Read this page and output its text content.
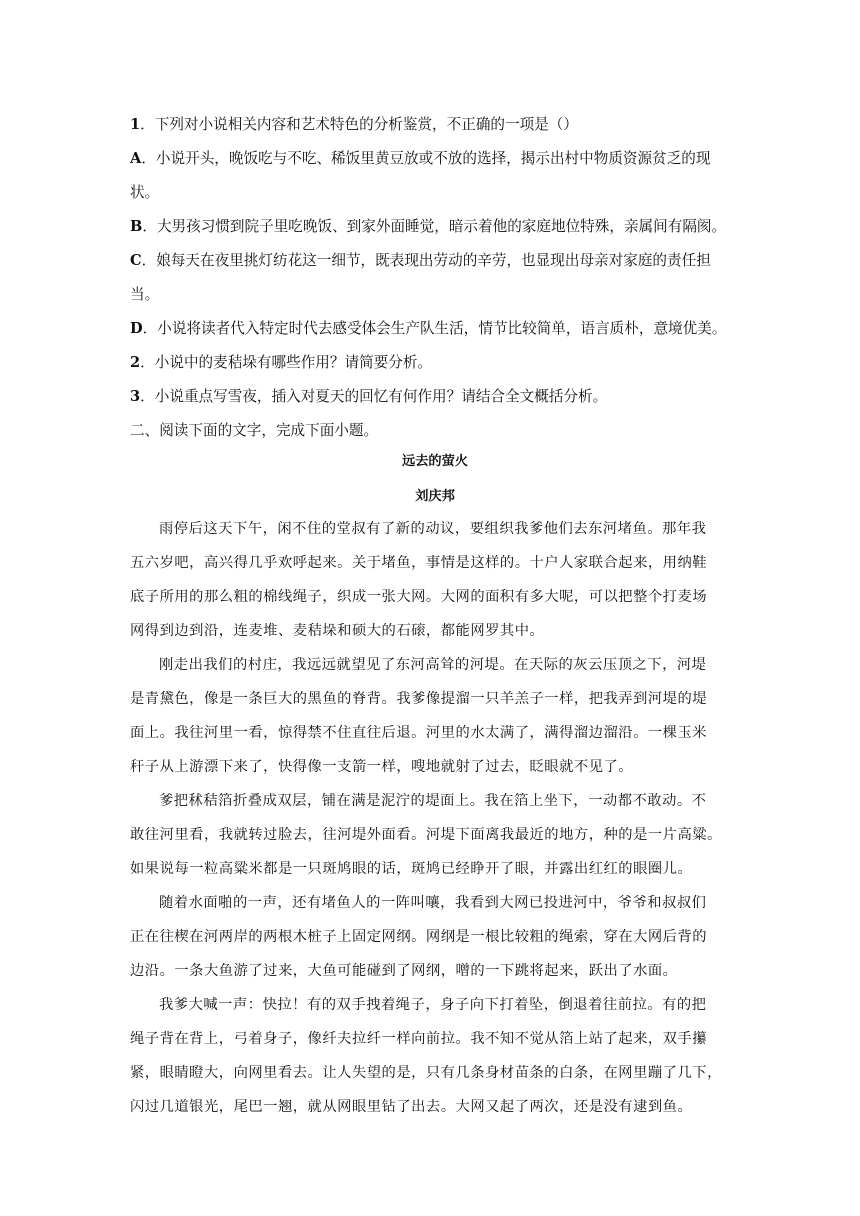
1．下列对小说相关内容和艺术特色的分析鉴赏，不正确的一项是（）
A．小说开头，晚饭吃与不吃、稀饭里黄豆放或不放的选择，揭示出村中物质资源贫乏的现
状。
B．大男孩习惯到院子里吃晚饭、到家外面睡觉，暗示着他的家庭地位特殊，亲属间有隔阂。
C．娘每天在夜里挑灯纺花这一细节，既表现出劳动的辛劳，也显现出母亲对家庭的责任担
当。
D．小说将读者代入特定时代去感受体会生产队生活，情节比较简单，语言质朴，意境优美。
2．小说中的麦秸垛有哪些作用？请简要分析。
3．小说重点写雪夜，插入对夏天的回忆有何作用？请结合全文概括分析。
二、阅读下面的文字，完成下面小题。
远去的萤火
刘庆邦
雨停后这天下午，闲不住的堂叔有了新的动议，要组织我爹他们去东河堵鱼。那年我
五六岁吧，高兴得几乎欢呼起来。关于堵鱼，事情是这样的。十户人家联合起来，用纳鞋
底子所用的那么粗的棉线绳子，织成一张大网。大网的面积有多大呢，可以把整个打麦场
网得到边到沿，连麦堆、麦秸垛和硕大的石磙，都能网罗其中。
刚走出我们的村庄，我远远就望见了东河高耸的河堤。在天际的灰云压顶之下，河堤
是青黛色，像是一条巨大的黑鱼的脊背。我爹像提溜一只羊羔子一样，把我弄到河堤的堤
面上。我往河里一看，惊得禁不住直往后退。河里的水太满了，满得溜边溜沿。一棵玉米
秆子从上游漂下来了，快得像一支箭一样，嗖地就射了过去，眨眼就不见了。
爹把秫秸箔折叠成双层，铺在满是泥泞的堤面上。我在箔上坐下，一动都不敢动。不
敢往河里看，我就转过脸去，往河堤外面看。河堤下面离我最近的地方，种的是一片高粱。
如果说每一粒高粱米都是一只斑鸠眼的话，斑鸠已经睁开了眼，并露出红红的眼圈儿。
随着水面啪的一声，还有堵鱼人的一阵叫嚷，我看到大网已投进河中，爷爷和叔叔们
正在往楔在河两岸的两根木桩子上固定网纲。网纲是一根比较粗的绳索，穿在大网后背的
边沿。一条大鱼游了过来，大鱼可能碰到了网纲，噌的一下跳将起来，跃出了水面。
我爹大喊一声：快拉！有的双手拽着绳子，身子向下打着坠，倒退着往前拉。有的把
绳子背在背上，弓着身子，像纤夫拉纤一样向前拉。我不知不觉从箔上站了起来，双手攥
紧，眼睛瞪大，向网里看去。让人失望的是，只有几条身材苗条的白条，在网里蹦了几下，
闪过几道银光，尾巴一翘，就从网眼里钻了出去。大网又起了两次，还是没有逮到鱼。
